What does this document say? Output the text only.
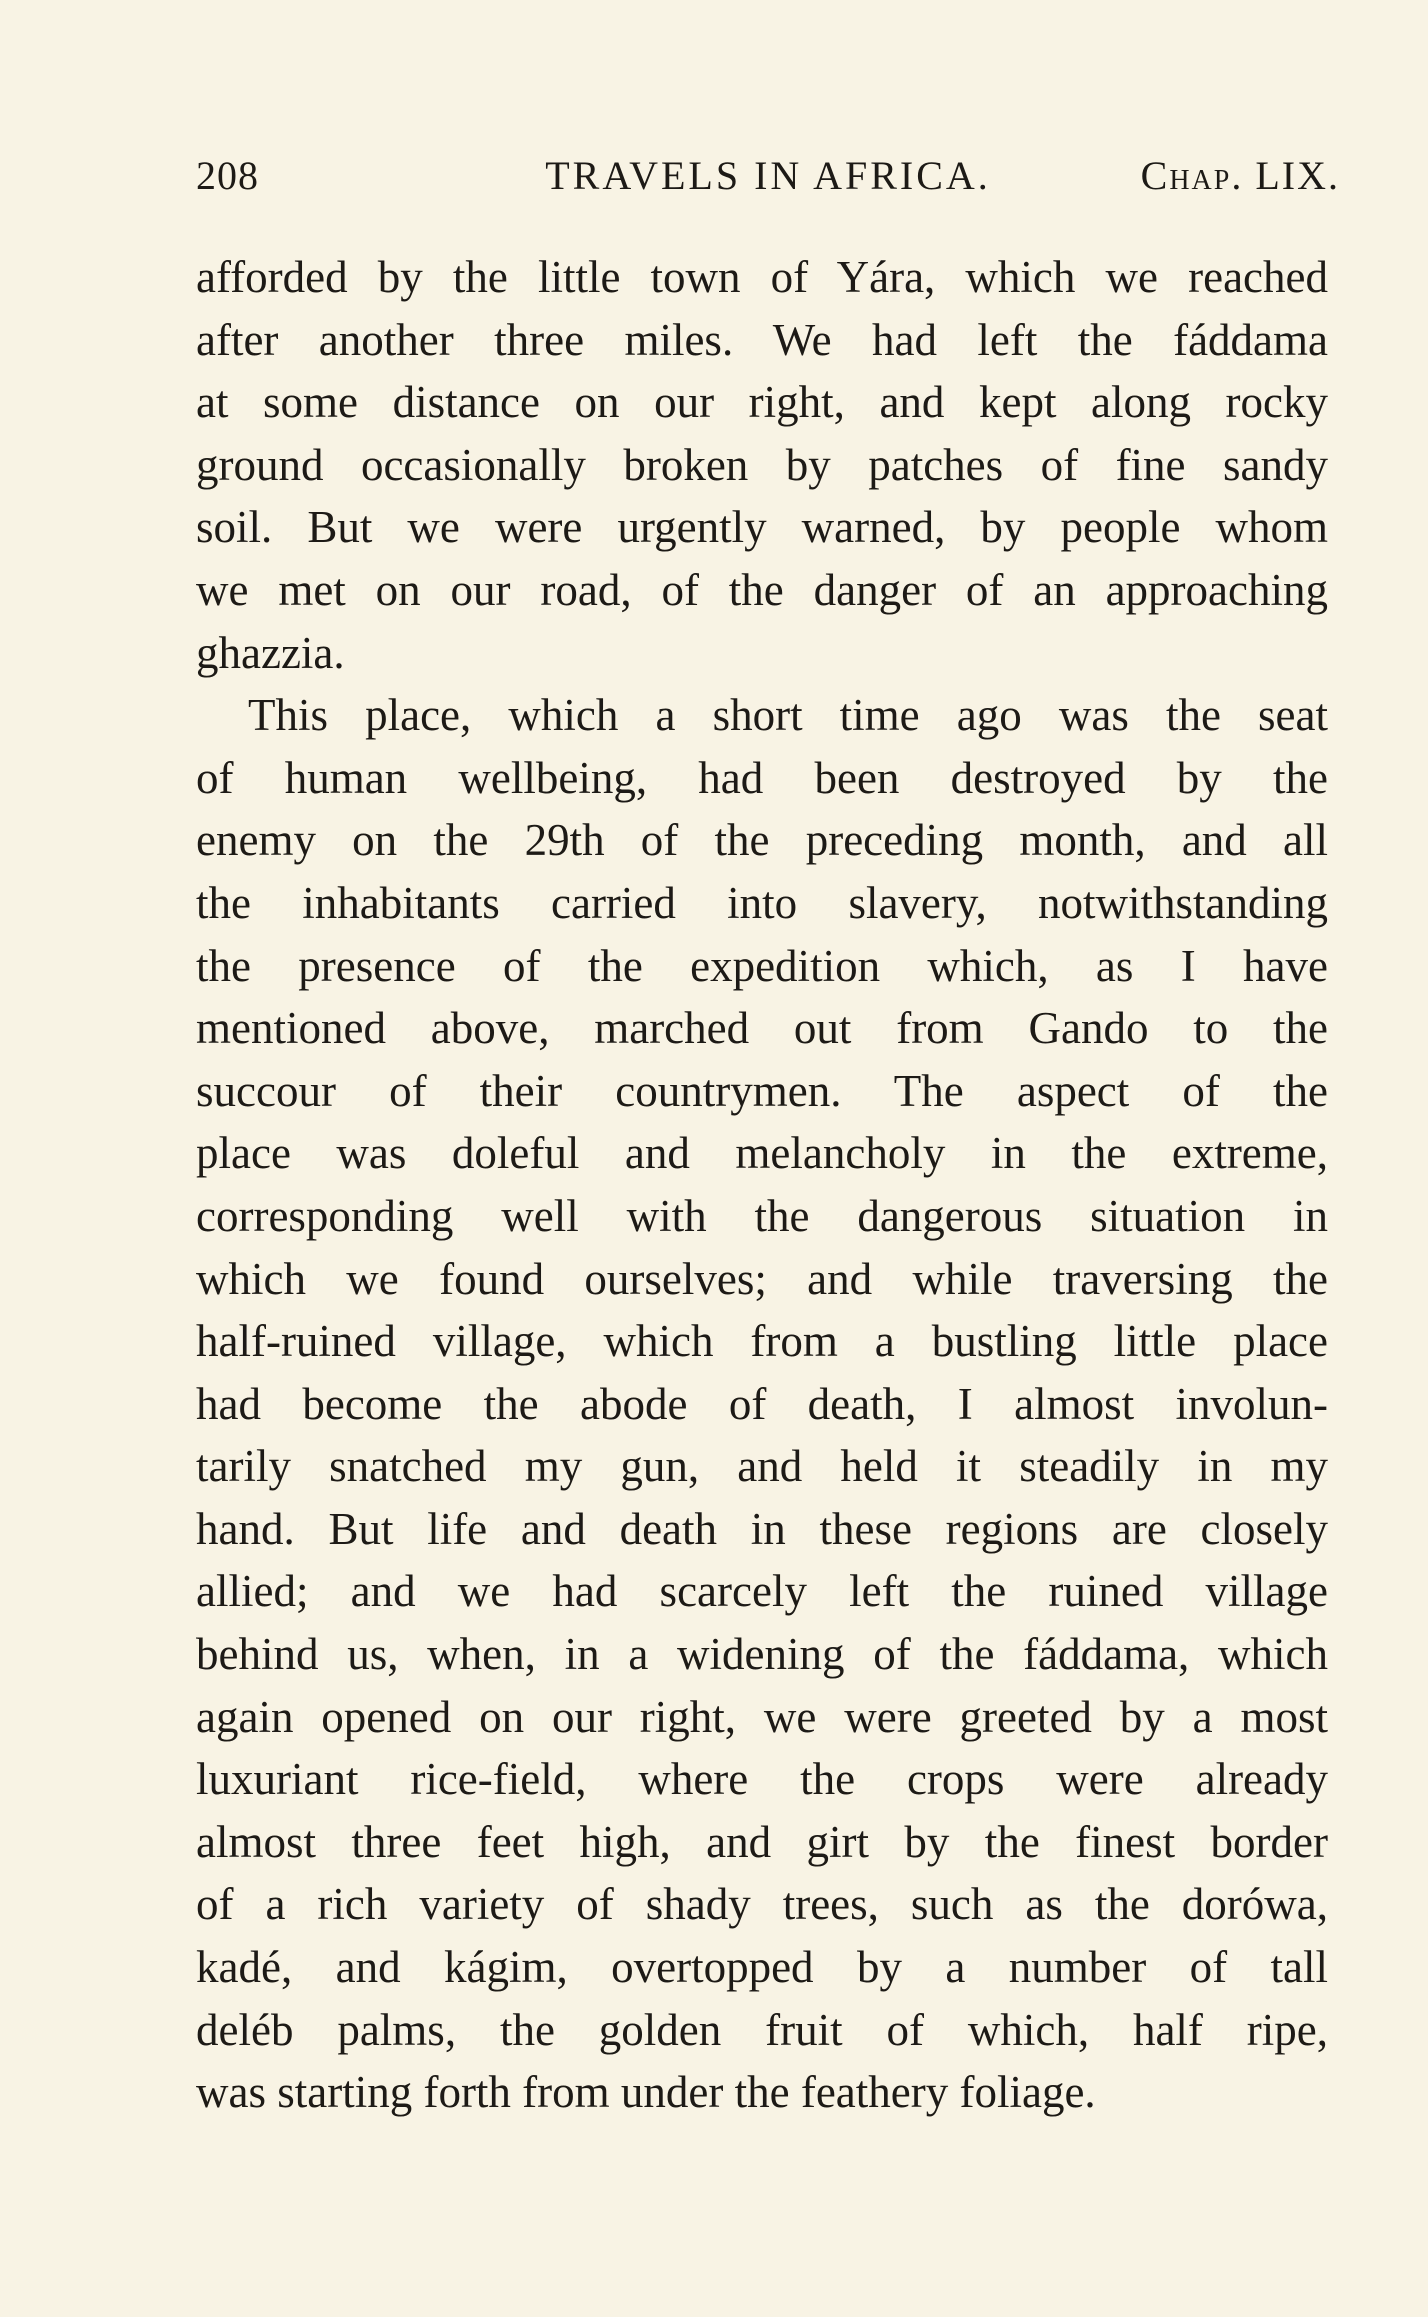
208	TRAVELS IN AFRICA.	Chap. LIX.
afforded by the little town of Yára, which we reached
after another three miles. We had left the fáddama
at some distance on our right, and kept along rocky
ground occasionally broken by patches of fine sandy
soil. But we were urgently warned, by people whom
we met on our road, of the danger of an approaching
ghazzia.
This place, which a short time ago was the seat
of human wellbeing, had been destroyed by the
enemy on the 29th of the preceding month, and all
the inhabitants carried into slavery, notwithstanding
the presence of the expedition which, as I have
mentioned above, marched out from Gando to the
succour of their countrymen. The aspect of the
place was doleful and melancholy in the extreme,
corresponding well with the dangerous situation in
which we found ourselves; and while traversing the
half-ruined village, which from a bustling little place
had become the abode of death, I almost involun-
tarily snatched my gun, and held it steadily in my
hand. But life and death in these regions are closely
allied; and we had scarcely left the ruined village
behind us, when, in a widening of the fáddama, which
again opened on our right, we were greeted by a most
luxuriant rice-field, where the crops were already
almost three feet high, and girt by the finest border
of a rich variety of shady trees, such as the dorówa,
kadé, and kágim, overtopped by a number of tall
deléb palms, the golden fruit of which, half ripe,
was starting forth from under the feathery foliage.
